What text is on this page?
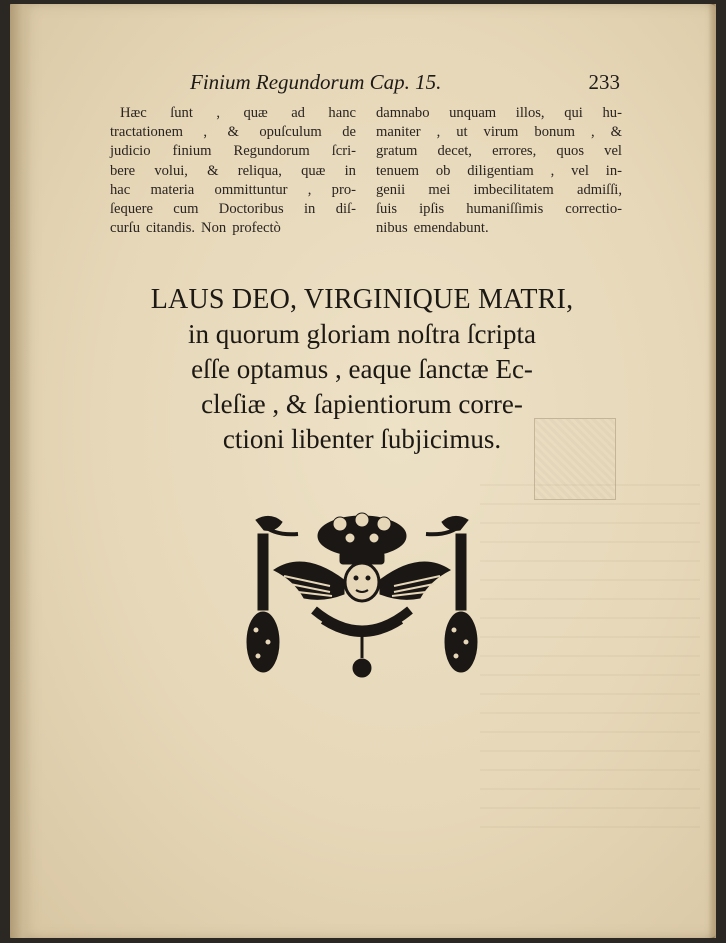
Finium Regundorum Cap. 15.	233
Hæc ſunt , quæ ad hanc
tractationem , & opuſculum de
judicio finium Regundorum ſcri-
bere volui, & reliqua, quæ in
hac materia ommittuntur , pro-
ſequere cum Doctoribus in diſ-
curſu citandis. Non profectò
damnabo unquam illos, qui hu-
maniter , ut virum bonum , &
gratum decet, errores, quos vel
tenuem ob diligentiam , vel in-
genii mei imbecilitatem admiſſi,
ſuis ipſis humaniſſimis correctio-
nibus emendabunt.
LAUS DEO, VIRGINIQUE MATRI,
in quorum gloriam noſtra ſcripta
eſſe optamus , eaque ſanctæ Ec-
cleſiæ , & ſapientiorum corre-
ctioni libenter ſubjicimus.
